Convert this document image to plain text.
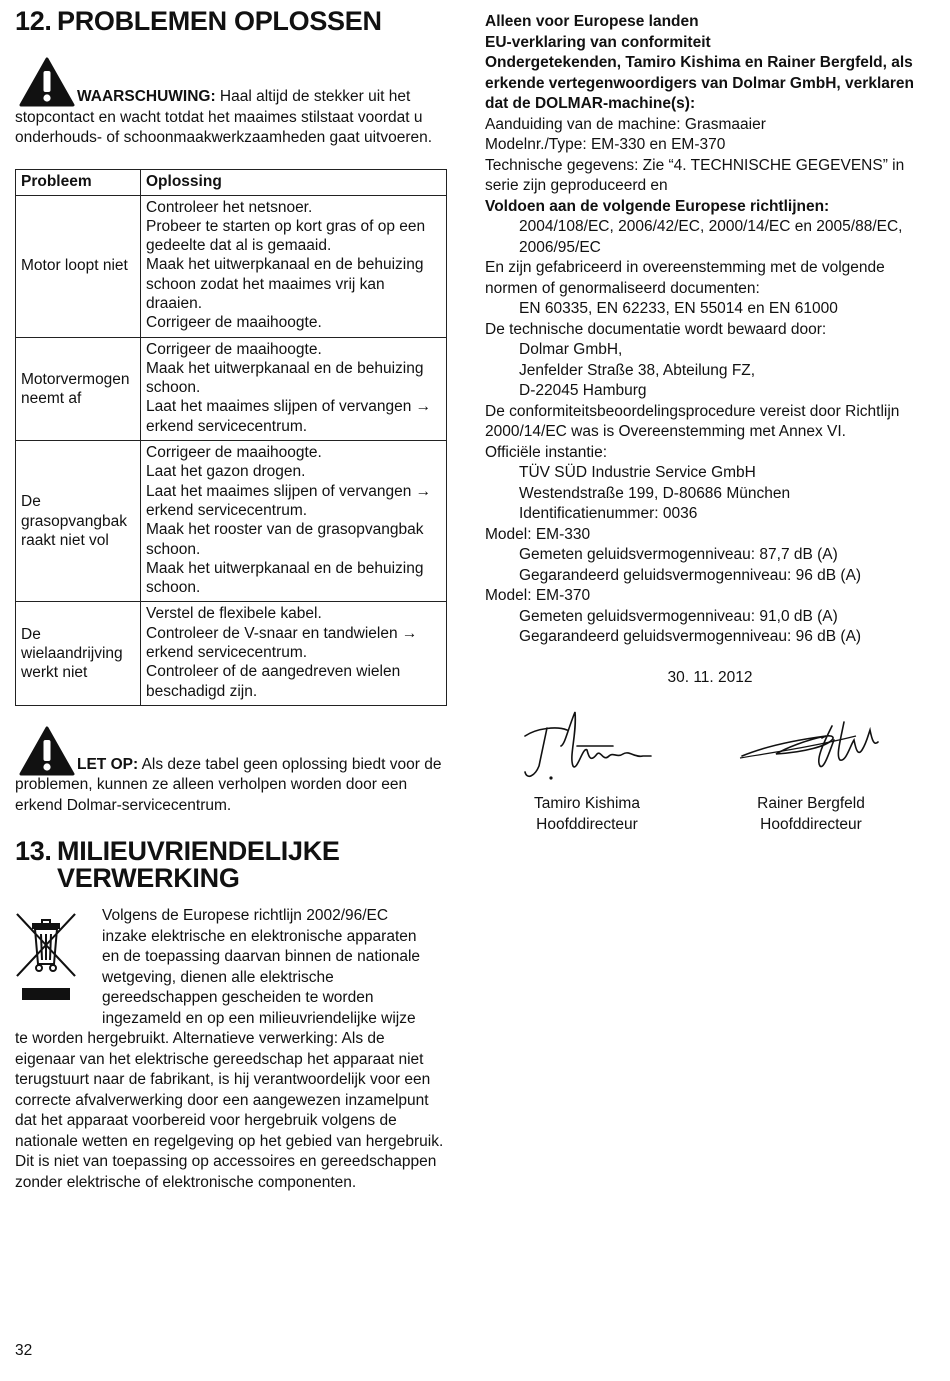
12. PROBLEMEN OPLOSSEN
WAARSCHUWING: Haal altijd de stekker uit het stopcontact en wacht totdat het maaimes stilstaat voordat u onderhouds- of schoonmaakwerkzaamheden gaat uitvoeren.
Probleem	Oplossing
Motor loopt niet	Controleer het netsnoer.
Probeer te starten op kort gras of op een gedeelte dat al is gemaaid.
Maak het uitwerpkanaal en de behuizing schoon zodat het maaimes vrij kan draaien.
Corrigeer de maaihoogte.

Motorvermogen neemt af	Corrigeer de maaihoogte.
Maak het uitwerpkanaal en de behuizing schoon.
Laat het maaimes slijpen of vervangen → erkend servicecentrum.

De grasopvangbak raakt niet vol	Corrigeer de maaihoogte.
Laat het gazon drogen.
Laat het maaimes slijpen of vervangen → erkend servicecentrum.
Maak het rooster van de grasopvangbak schoon.
Maak het uitwerpkanaal en de behuizing schoon.

De wielaandrijving werkt niet	Verstel de flexibele kabel.
Controleer de V-snaar en tandwielen → erkend servicecentrum.
Controleer of de aangedreven wielen beschadigd zijn.
LET OP: Als deze tabel geen oplossing biedt voor de problemen, kunnen ze alleen verholpen worden door een erkend Dolmar-servicecentrum.
13. MILIEUVRIENDELIJKE
VERWERKING
Volgens de Europese richtlijn 2002/96/EC
inzake elektrische en elektronische apparaten
en de toepassing daarvan binnen de nationale
wetgeving, dienen alle elektrische
gereedschappen gescheiden te worden
ingezameld en op een milieuvriendelijke wijze

te worden hergebruikt. Alternatieve verwerking: Als de eigenaar van het elektrische gereedschap het apparaat niet terugstuurt naar de fabrikant, is hij verantwoordelijk voor een correcte afvalverwerking door een aangewezen inzamelpunt dat het apparaat voorbereid voor hergebruik volgens de nationale wetten en regelgeving op het gebied van hergebruik.

Dit is niet van toepassing op accessoires en gereedschappen zonder elektrische of elektronische componenten.

32

Alleen voor Europese landen

EU-verklaring van conformiteit

Ondergetekenden, Tamiro Kishima en Rainer Bergfeld, als erkende vertegenwoordigers van Dolmar GmbH, verklaren dat de DOLMAR-machine(s):

Aanduiding van de machine: Grasmaaier

Modelnr./Type: EM-330 en EM-370

Technische gegevens: Zie “4. TECHNISCHE GEGEVENS” in serie zijn geproduceerd en

Voldoen aan de volgende Europese richtlijnen:

2004/108/EC, 2006/42/EC, 2000/14/EC en 2005/88/EC, 2006/95/EC

En zijn gefabriceerd in overeenstemming met de volgende normen of genormaliseerd documenten:

EN 60335, EN 62233, EN 55014 en EN 61000

De technische documentatie wordt bewaard door:

Dolmar GmbH,

Jenfelder Straße 38, Abteilung FZ,

D-22045 Hamburg

De conformiteitsbeoordelingsprocedure vereist door Richtlijn 2000/14/EC was is Overeenstemming met Annex VI.

Officiële instantie:

TÜV SÜD Industrie Service GmbH

Westendstraße 199, D-80686 München

Identificatienummer: 0036

Model: EM-330

Gemeten geluidsvermogenniveau: 87,7 dB (A)

Gegarandeerd geluidsvermogenniveau: 96 dB (A)

Model: EM-370

Gemeten geluidsvermogenniveau: 91,0 dB (A)

Gegarandeerd geluidsvermogenniveau: 96 dB (A)

30. 11. 2012

Tamiro Kishima
Hoofddirecteur
Rainer Bergfeld
Hoofddirecteur
